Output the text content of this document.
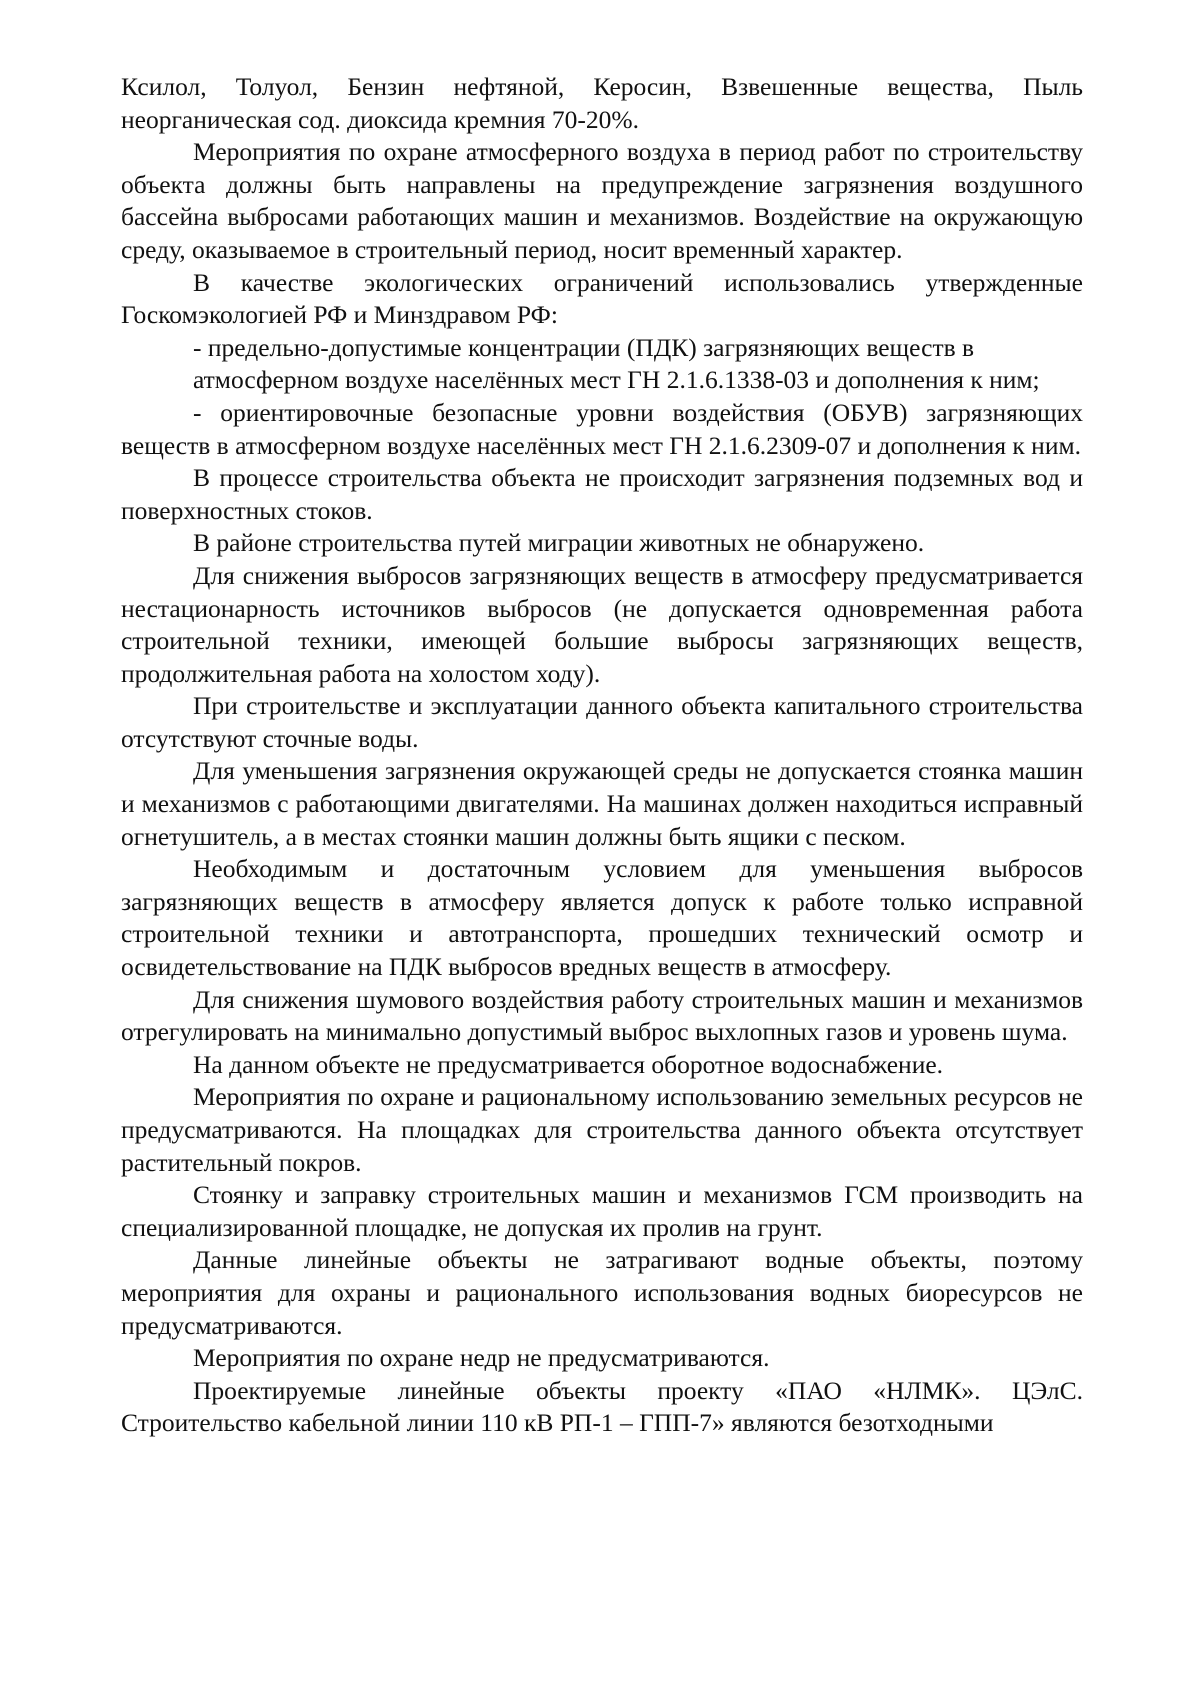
Ксилол, Толуол, Бензин нефтяной, Керосин, Взвешенные вещества, Пыль неорганическая сод. диоксида кремния 70-20%.

Мероприятия по охране атмосферного воздуха в период работ по строительству объекта должны быть направлены на предупреждение загрязнения воздушного бассейна выбросами работающих машин и механизмов. Воздействие на окружающую среду, оказываемое в строительный период, носит временный характер.

В качестве экологических ограничений использовались утвержденные Госкомэкологией РФ и Минздравом РФ:

- предельно-допустимые концентрации (ПДК) загрязняющих веществ в атмосферном воздухе населённых мест ГН 2.1.6.1338-03 и дополнения к ним;

- ориентировочные безопасные уровни воздействия (ОБУВ) загрязняющих веществ в атмосферном воздухе населённых мест ГН 2.1.6.2309-07 и дополнения к ним.

В процессе строительства объекта не происходит загрязнения подземных вод и поверхностных стоков.

В районе строительства путей миграции животных не обнаружено.

Для снижения выбросов загрязняющих веществ в атмосферу предусматривается нестационарность источников выбросов (не допускается одновременная работа строительной техники, имеющей большие выбросы загрязняющих веществ, продолжительная работа на холостом ходу).

При строительстве и эксплуатации данного объекта капитального строительства отсутствуют сточные воды.

Для уменьшения загрязнения окружающей среды не допускается стоянка машин и механизмов с работающими двигателями. На машинах должен находиться исправный огнетушитель, а в местах стоянки машин должны быть ящики с песком.

Необходимым и достаточным условием для уменьшения выбросов загрязняющих веществ в атмосферу является допуск к работе только исправной строительной техники и автотранспорта, прошедших технический осмотр и освидетельствование на ПДК выбросов вредных веществ в атмосферу.

Для снижения шумового воздействия работу строительных машин и механизмов отрегулировать на минимально допустимый выброс выхлопных газов и уровень шума.

На данном объекте не предусматривается оборотное водоснабжение.

Мероприятия по охране и рациональному использованию земельных ресурсов не предусматриваются. На площадках для строительства данного объекта отсутствует растительный покров.

Стоянку и заправку строительных машин и механизмов ГСМ производить на специализированной площадке, не допуская их пролив на грунт.

Данные линейные объекты не затрагивают водные объекты, поэтому мероприятия для охраны и рационального использования водных биоресурсов не предусматриваются.

Мероприятия по охране недр не предусматриваются.

Проектируемые линейные объекты проекту «ПАО «НЛМК». ЦЭлС. Строительство кабельной линии 110 кВ РП-1 – ГПП-7» являются безотходными
